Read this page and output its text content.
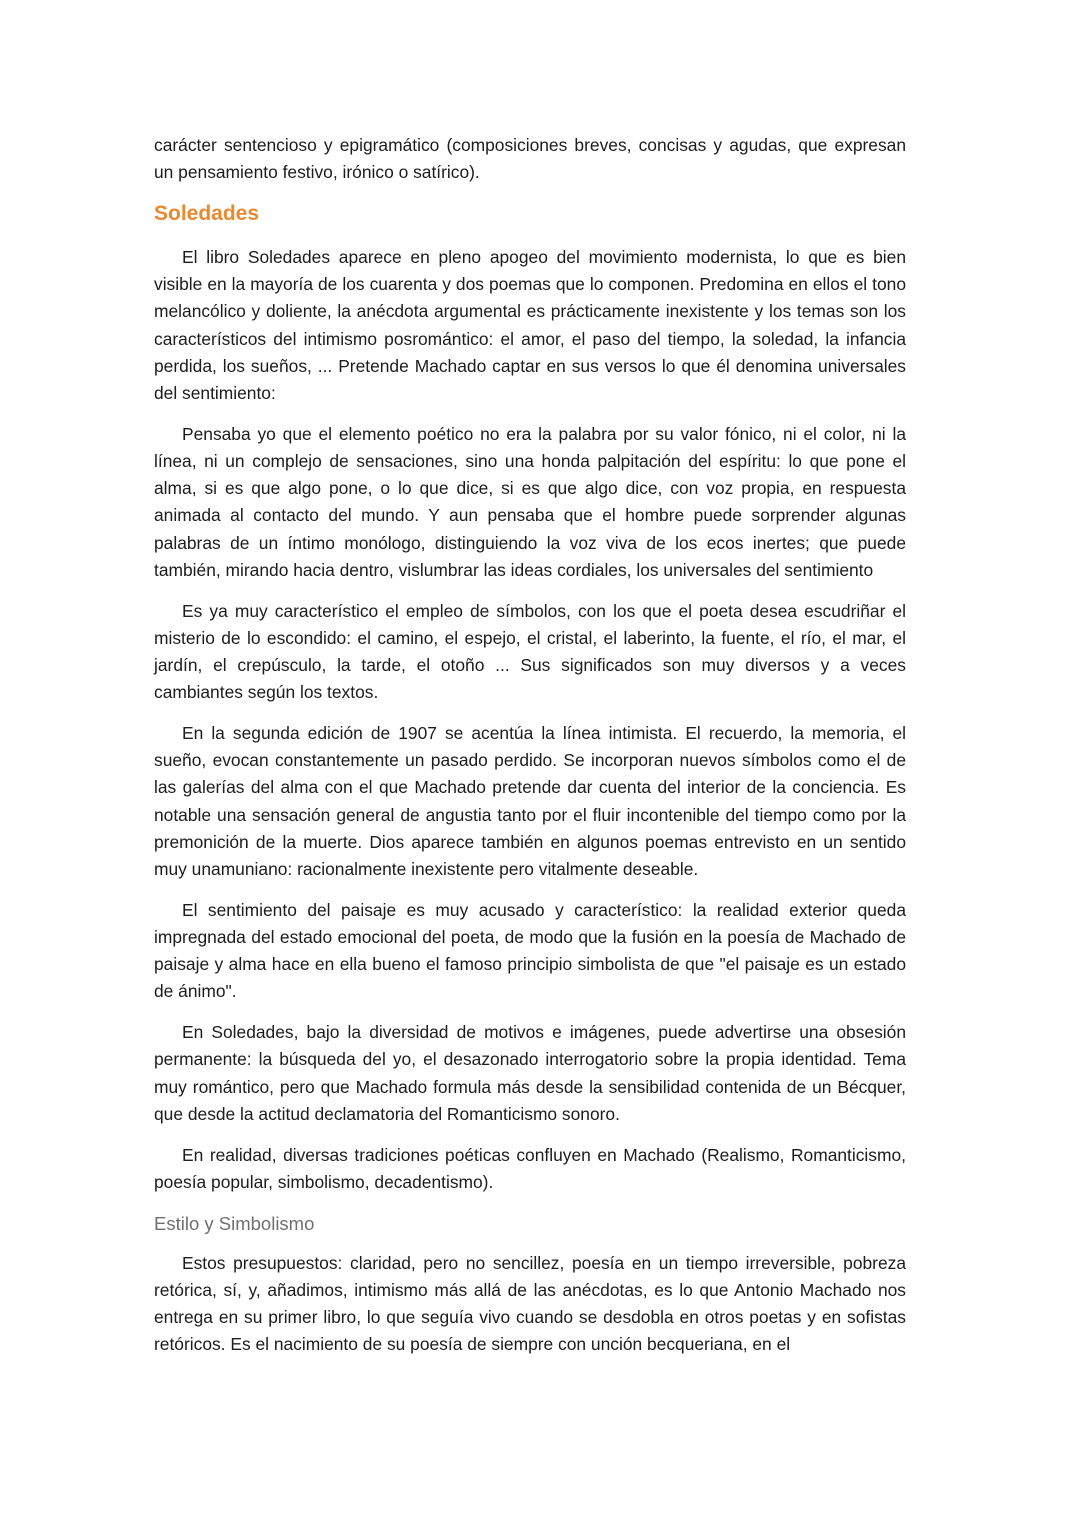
carácter sentencioso y epigramático (composiciones breves, concisas y agudas, que expresan un pensamiento festivo, irónico o satírico).

Soledades

El libro Soledades aparece en pleno apogeo del movimiento modernista, lo que es bien visible en la mayoría de los cuarenta y dos poemas que lo componen. Predomina en ellos el tono melancólico y doliente, la anécdota argumental es prácticamente inexistente y los temas son los característicos del intimismo posromántico: el amor, el paso del tiempo, la soledad, la infancia perdida, los sueños, ... Pretende Machado captar en sus versos lo que él denomina universales del sentimiento:

Pensaba yo que el elemento poético no era la palabra por su valor fónico, ni el color, ni la línea, ni un complejo de sensaciones, sino una honda palpitación del espíritu: lo que pone el alma, si es que algo pone, o lo que dice, si es que algo dice, con voz propia, en respuesta animada al contacto del mundo. Y aun pensaba que el hombre puede sorprender algunas palabras de un íntimo monólogo, distinguiendo la voz viva de los ecos inertes; que puede también, mirando hacia dentro, vislumbrar las ideas cordiales, los universales del sentimiento

Es ya muy característico el empleo de símbolos, con los que el poeta desea escudriñar el misterio de lo escondido: el camino, el espejo, el cristal, el laberinto, la fuente, el río, el mar, el jardín, el crepúsculo, la tarde, el otoño ... Sus significados son muy diversos y a veces cambiantes según los textos.

En la segunda edición de 1907 se acentúa la línea intimista. El recuerdo, la memoria, el sueño, evocan constantemente un pasado perdido. Se incorporan nuevos símbolos como el de las galerías del alma con el que Machado pretende dar cuenta del interior de la conciencia. Es notable una sensación general de angustia tanto por el fluir incontenible del tiempo como por la premonición de la muerte. Dios aparece también en algunos poemas entrevisto en un sentido muy unamuniano: racionalmente inexistente pero vitalmente deseable.

El sentimiento del paisaje es muy acusado y característico: la realidad exterior queda impregnada del estado emocional del poeta, de modo que la fusión en la poesía de Machado de paisaje y alma hace en ella bueno el famoso principio simbolista de que "el paisaje es un estado de ánimo".

En Soledades, bajo la diversidad de motivos e imágenes, puede advertirse una obsesión permanente: la búsqueda del yo, el desazonado interrogatorio sobre la propia identidad. Tema muy romántico, pero que Machado formula más desde la sensibilidad contenida de un Bécquer, que desde la actitud declamatoria del Romanticismo sonoro.

En realidad, diversas tradiciones poéticas confluyen en Machado (Realismo, Romanticismo, poesía popular, simbolismo, decadentismo).

Estilo y Simbolismo

Estos presupuestos: claridad, pero no sencillez, poesía en un tiempo irreversible, pobreza retórica, sí, y, añadimos, intimismo más allá de las anécdotas, es lo que Antonio Machado nos entrega en su primer libro, lo que seguía vivo cuando se desdobla en otros poetas y en sofistas retóricos. Es el nacimiento de su poesía de siempre con unción becqueriana, en el
